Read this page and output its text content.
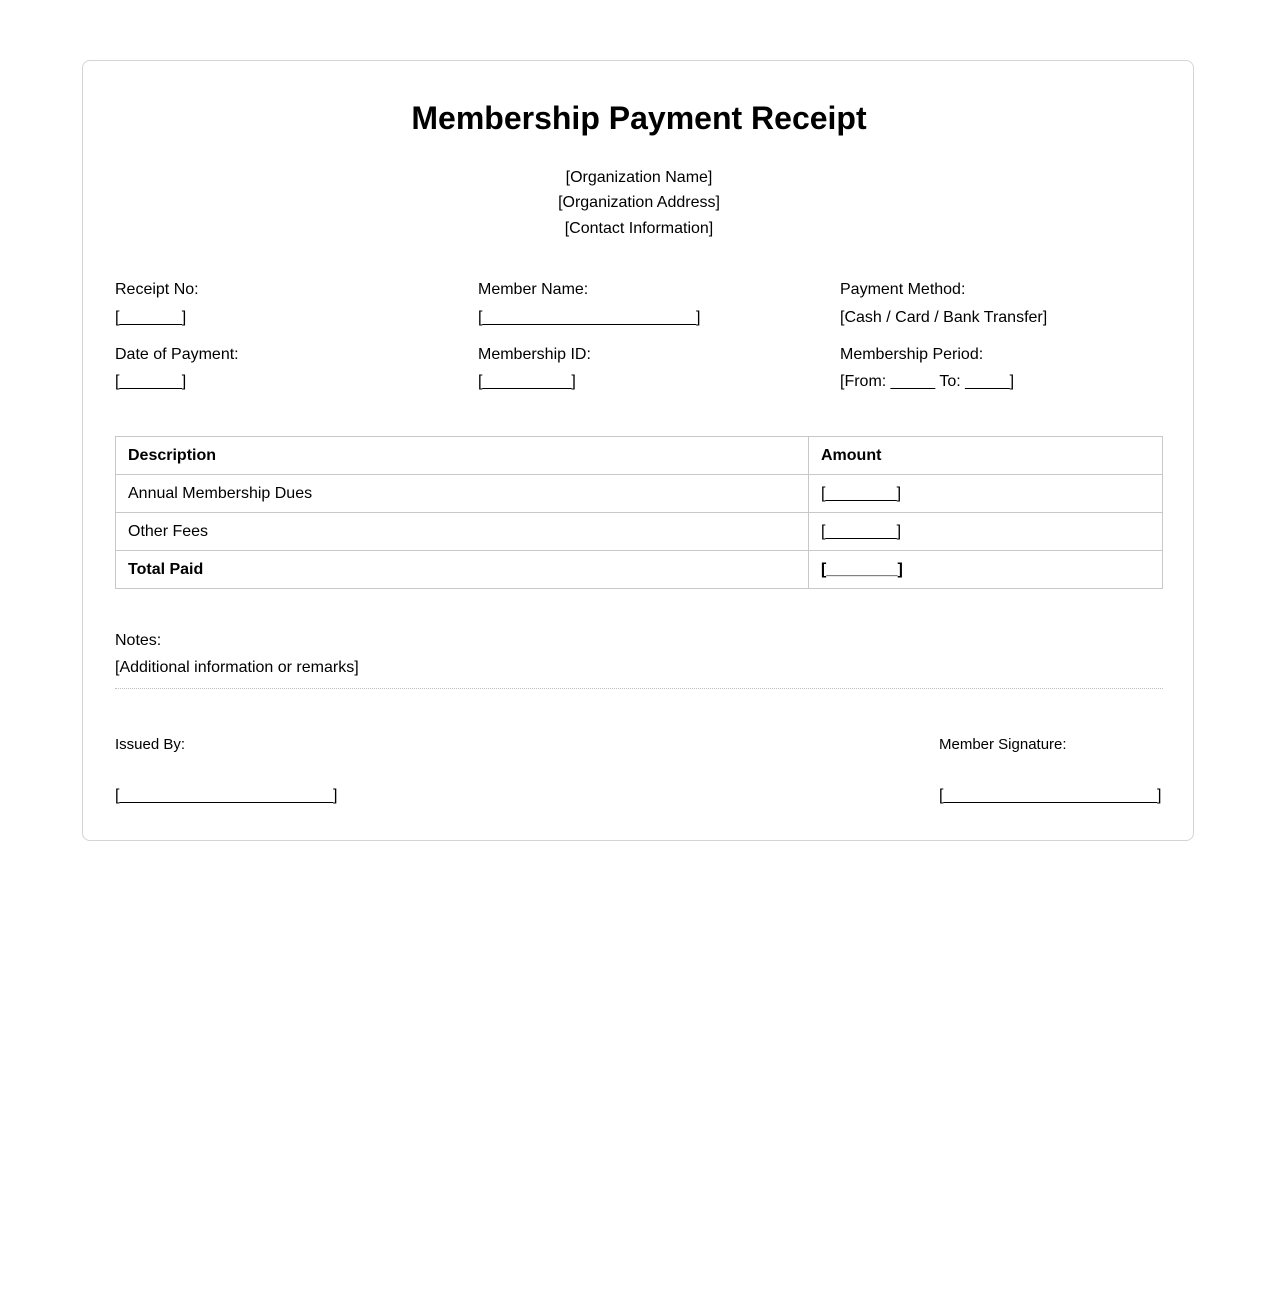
Membership Payment Receipt
[Organization Name]
[Organization Address]
[Contact Information]
Receipt No:
[_______]
Member Name:
[________________________]
Payment Method:
[Cash / Card / Bank Transfer]
Date of Payment:
[_______]
Membership ID:
[__________]
Membership Period:
[From: _____ To: _____]
Description	Amount
Annual Membership Dues	[________]
Other Fees	[________]
Total Paid	[________]
Notes:
[Additional information or remarks]
Issued By:
[________________________]
Member Signature:
[________________________]
